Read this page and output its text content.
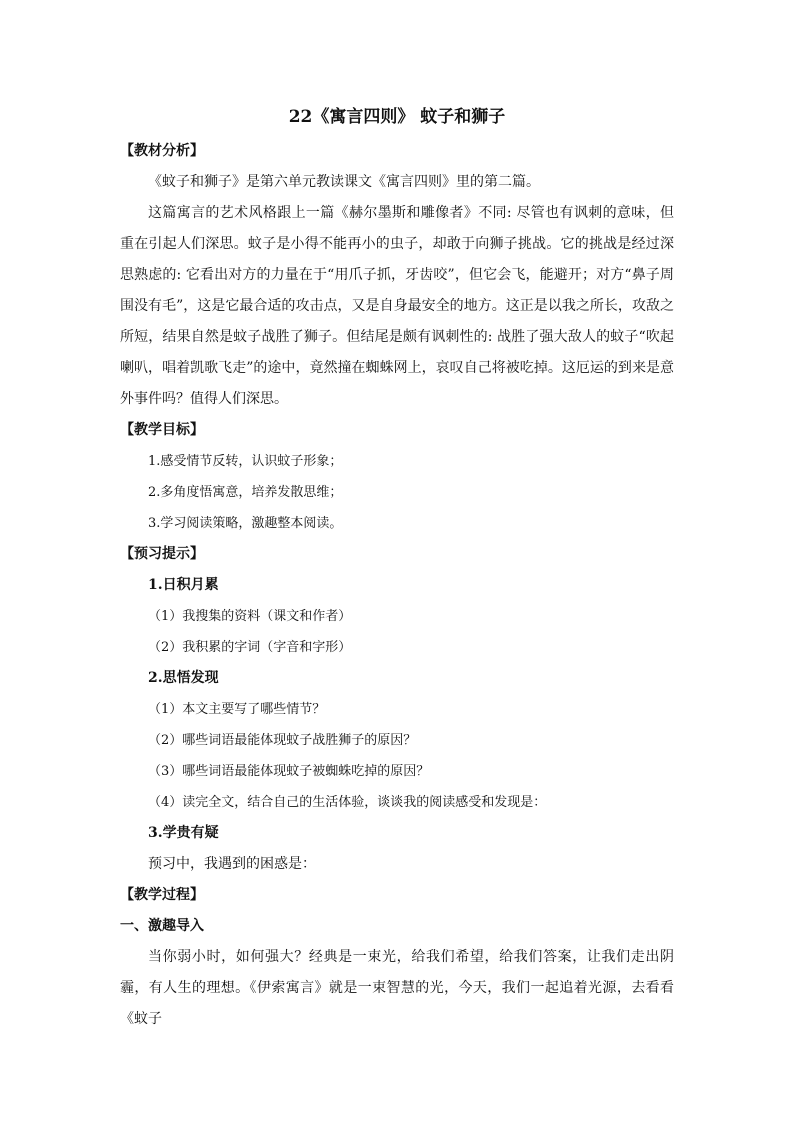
22《寓言四则》 蚊子和狮子

【教材分析】

《蚊子和狮子》是第六单元教读课文《寓言四则》里的第二篇。

这篇寓言的艺术风格跟上一篇《赫尔墨斯和雕像者》不同: 尽管也有讽刺的意味，但重在引起人们深思。蚊子是小得不能再小的虫子，却敢于向狮子挑战。它的挑战是经过深思熟虑的: 它看出对方的力量在于“用爪子抓，牙齿咬”，但它会飞，能避开；对方“鼻子周围没有毛”，这是它最合适的攻击点，又是自身最安全的地方。这正是以我之所长，攻敌之所短，结果自然是蚊子战胜了狮子。但结尾是颇有讽刺性的: 战胜了强大敌人的蚊子“吹起喇叭，唱着凯歌飞走”的途中，竟然撞在蜘蛛网上，哀叹自己将被吃掉。这厄运的到来是意外事件吗？值得人们深思。

【教学目标】

1.感受情节反转，认识蚊子形象；

2.多角度悟寓意，培养发散思维；

3.学习阅读策略，激趣整本阅读。

【预习提示】

1.日积月累

（1）我搜集的资料（课文和作者）

（2）我积累的字词（字音和字形）

2.思悟发现

（1）本文主要写了哪些情节？

（2）哪些词语最能体现蚊子战胜狮子的原因？

（3）哪些词语最能体现蚊子被蜘蛛吃掉的原因？

（4）读完全文，结合自己的生活体验，谈谈我的阅读感受和发现是：

3.学贵有疑

预习中，我遇到的困惑是：

【教学过程】

一、激趣导入

当你弱小时，如何强大？经典是一束光，给我们希望，给我们答案，让我们走出阴霾，有人生的理想。《伊索寓言》就是一束智慧的光，今天，我们一起追着光源，去看看《蚊子
